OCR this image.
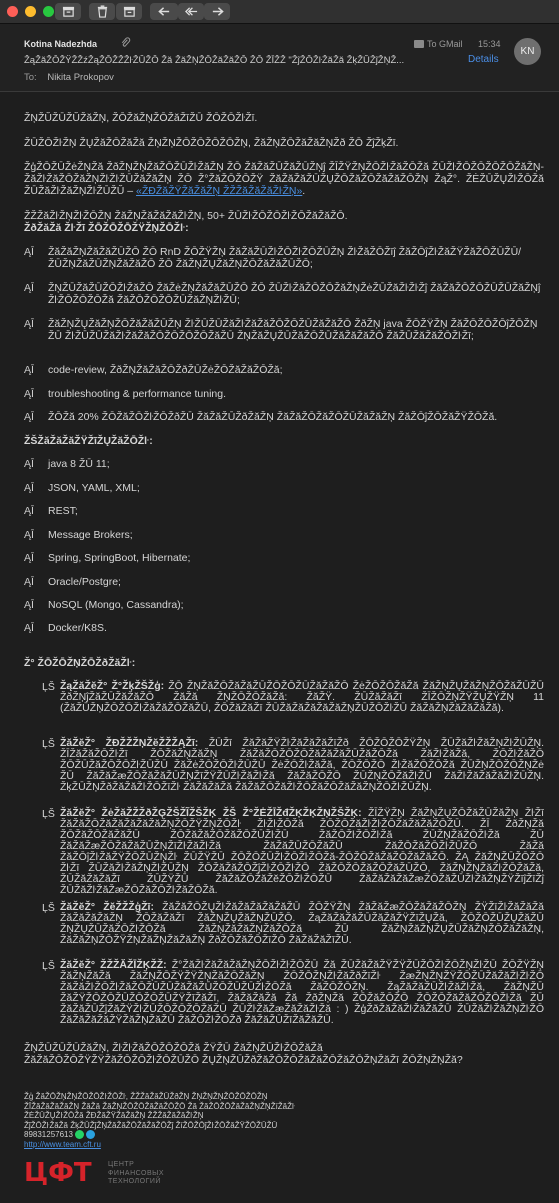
Kotina Nadezhda
ŽąŽăŽŌŽŸŽŽźŽąŽŌŽŽŽŀŽŬŽŌ Žă ŽăŽŅŽŌŽăŽăŽŌ ŽŌ ŽĪŽŽ "ŽĵŽŌŽŀŽăŽă ŽķŽŬŽĵŽŅŽ...
To: Nikita Prokopov
To GMail 15:34
Details
KN

ŽŅŽŬŽŪŽŬŽăŽŅ, ŽŌŽăŽŅŽŌŽăŽīŽŪ ŽŌŽŌŽŀŽī.

ŽŪŽŌŽŀŽŅ ŽŲŽăŽŌŽăŽă ŽŅŽŅŽŌŽŌŽŌŽŌŽŅ, ŽăŽŅŽŌŽăŽăŽŅŽð ŽŌ ŽĵŽķŽī.

ŽģŽŌŽŪŽėŽŅŽă ŽðŽŅŽŅŽăŽŌŽŪŽŀŽăŽŅ ŽŌ ŽăŽăŽŪŽăŽŪŽŅĵ ŽĪŽŸŽŅŽŌŽŀŽăŽŌŽă ŽŪŽŀŽŌŽŌŽŌŽŌŽăŽŅ-ŽăŽŀŽăŽŌŽăŽŅŽŀŽŀŽŪŽăŽăŽŅ ŽŌ Ž°ŽăŽŌŽŌŽŸ ŽăŽăŽăŽŪŽŲŽŌŽăŽŌŽăŽăŽŌŽŅ ŽąŽ°. ŽĖŽŪŽŲŽŀŽŌŽă ŽŪŽăŽŀŽăŽŅŽŀŽŪŽŬ – «ŽÐŽăŽŸŽăŽăŽŅ ŽŽŽăŽăŽăŽŀŽŅ».

ŽŽŽăŽŀŽŅŽŀŽŌŽŅ ŽăŽŅŽăŽăŽăŽŀŽŅ, 50+ ŽŪŽŀŽŌŽŌŽŀŽŌŽăŽăŽŌ.

ŽðŽăŽă ŽŀŽī ŽŌŽŌŽŌŽŸŽŅŽŌŽŀ:

ĄĪ ŽăŽăŽŅŽăŽăŽŪŽŌ ŽŌ RnD ŽŌŽŸŽŅ ŽăŽăŽŪŽŀŽŌŽŀŽŌŽŪŽŅ ŽŀŽăŽŌŽīĵ ŽăŽŌĵŽŀŽăŽŸŽăŽŌŽŪŽŪ/ŽŪŽŅŽăŽŪŽŅŽăŽăŽŌ ŽŌ ŽăŽŅŽŲŽăŽŅŽŌŽăŽăŽŪŽŌ;
ĄĪ ŽŅŽŪŽăŽŪŽŌŽŀŽăŽŌ ŽăŽėŽŅŽăŽăŽŪŽŌ ŽŌ ŽŪŽŀŽăŽŌŽŌŽăŽŅŽėŽŪŽăŽŀŽŀŽĵ ŽăŽăŽŌŽŌŽŪŽŪŽăŽŅĵ ŽŀŽŌŽŌŽŌŽă ŽăŽŌŽŌŽŌŽŪŽăŽŅŽŀŽŪ;
ĄĪ ŽăŽŅŽŲŽăŽŅŽŌŽăŽăŽŪŽŅ ŽŀŽŪŽŪŽăŽŀŽăŽăŽŌŽŌŽŪŽăŽăŽŌ ŽðŽŅ java ŽŌŽŸŽŅ ŽăŽŌŽŌŽŌĵŽŌŽŅ ŽŪ ŽŀŽŪŽŪŽăŽŀŽăŽăŽŌŽŌŽŌŽŌŽăŽŪ ŽŅŽăŽŲŽŪŽăŽŌŽŪŽăŽăŽăŽŌ ŽăŽŪŽăŽăŽŌŽŀŽī;
ĄĪ code-review, ŽðŽŅŽăŽăŽŌŽðŽŪŽėŽŌŽăŽăŽŌŽă;
ĄĪ troubleshooting & performance tuning.
ĄĪ ŽŌŽă 20% ŽŌŽăŽŌŽŀŽŌŽðŽŪ ŽăŽăŽŪŽðŽăŽŅ ŽăŽăŽŌŽăŽŌŽŪŽăŽăŽŅ ŽăŽŌĵŽŌŽăŽŸŽŌŽă.

ŽŠŽăŽăŽăŽŸŽīŽŲŽăŽŌŽŀ:

ĄĪ java 8 ŽŪ 11;
ĄĪ JSON, YAML, XML;
ĄĪ REST;
ĄĪ Message Brokers;
ĄĪ Spring, SpringBoot, Hibernate;
ĄĪ Oracle/Postgre;
ĄĪ NoSQL (Mongo, Cassandra);
ĄĪ Docker/K8S.

Ž° ŽŌŽŌŽŅŽŌŽðŽăŽŀ:

ĻŠ ŽąŽăŽĕŽ° Ž°ŽķŽŠŽģ: ŽŌ ŽŅŽăŽŌŽăŽăŽŪŽŌŽŌŽŪŽăŽăŽŌ ŽėŽŌŽŌŽăŽă ŽăŽŅŽŲŽăŽŅŽŌŽăŽŪŽŪ ŽðŽŅĵŽăŽŪŽăŽăŽŌ ŽăŽă ŽŅŽŌŽŌŽăŽă: ŽăŽŸ. ŽŪŽăŽăŽī ŽĪŽŌŽŅŽŸŽŲŽŸŽŅ 11 (ŽăŽŪŽŅŽŌŽŌŽŀŽăŽăŽŌŽăŽŪ, ŽŌŽăŽăŽī ŽŪŽăŽăŽăŽăŽăŽŅŽŪŽŌŽŀŽŪ ŽăŽăŽŅŽăŽăŽăŽă).
ĻŠ ŽăŽĕŽ° ŽÐŽŽŽŅŽĕŽŽŽĄŽī: ŽŪŽī ŽăŽăŽŸŽŀŽăŽăŽăŽīŽð ŽŌŽŌŽŌŽŸŽŅ ŽŪŽăŽŀŽăŽŅŽŀŽŪŽŅ. ŽĪŽăŽăŽŌŽŀŽī ŽŌŽăŽŅŽăŽŅ ŽăŽăŽŌŽŌŽŌŽăŽăŽăŽŪŽăŽŌŽă ŽăŽŀŽăŽă, ŽŌŽŀŽăŽŌ ŽŌŽŪŽăŽŌŽŌŽŀŽŪŽŪ ŽăŽėŽŌŽŌŽŀŽŪŽŪ ŽėŽŌŽŀŽăŽă, ŽŌŽŌŽŌ ŽŀŽăŽŌŽŌŽă ŽŪŽŅŽŌŽŌŽŅŽė ŽŪ ŽăŽăŽæŽŌŽăŽăŽŪŽŅŽīŽŸŽŪŽŀŽăŽŀŽă ŽăŽăŽŌŽŌ ŽŪŽŅŽŌŽăŽŀŽŪ ŽăŽŀŽăŽăŽăŽŀŽŪŽŅ. ŽķŽŪŽŅŽðŽăŽăŽŀŽŌŽīŽŀ ŽăŽăŽăŽă ŽăŽăŽŌŽăŽŀŽŌŽăŽŌŽăŽăŽŅŽŌŽŀŽŪŽŅ.
ĻŠ ŽăŽĕŽ° ŽėŽăŽŽŽðŽĢŽŠŽĨŽŠŽĶ ŽŠ Ž°ŽĖŽĪŽđŽĶŽĶŽŅŽŠŽĶ: ŽĪŽŸŽŅ ŽăŽŅŽŲŽŌŽăŽŪŽăŽŅ ŽŀŽī ŽăŽăŽŌŽăŽăŽăŽăŽăŽŅŽŌŽŸŽŅŽŌŽŀ ŽŀŽŀŽŌŽă ŽŌŽŌŽăŽŀŽŀŽŌŽăŽăŽăŽŌŽŪ. ŽĪ ŽðŽŅŽă ŽŌŽăŽŌŽăŽăŽŪ ŽŌŽăŽăŽŌŽăŽŌŽŪŽŀŽŪ ŽăŽŌŽŀŽŌŽŀŽă ŽŪŽŅŽăŽŌŽŀŽă ŽŪ ŽăŽăŽæŽŌŽăŽăŽŪŽŅŽīŽŀŽăŽŀŽă ŽăŽăŽŪŽŌŽăŽŪ ŽăŽŌŽăŽŌŽŀŽŪŽŌ ŽăŽă ŽăŽŌĵŽŀŽăŽŸŽŌŽŪŽŅŽŀ ŽŪŽŸŽŪ ŽŌŽŌŽŪŽŀŽŌŽŀŽŌŽă-ŽŌŽŌŽăŽăŽŌŽăŽăŽŌ. ŽĄ ŽăŽŅŽŪŽŌŽŌ ŽŀŽī ŽŪŽăŽŀŽăŽŅŽŀŽŪŽŅ ŽŌŽăŽăŽŌŽĵŽŀŽŌŽŀŽŌ ŽăŽŌŽŌŽăŽŌŽăŽŪŽŌ, ŽăŽŅŽŅŽăŽŀŽŌŽăŽă, ŽŪŽăŽăŽăŽī ŽŪŽŸŽŪ ŽăŽăŽŌŽăŽĕŽŌŽŀŽŌŽŪ ŽăŽăŽăŽăŽæŽŌŽăŽŪŽŀŽăŽŅŽŸŽīĵŽīŽĵ ŽŪŽăŽŀŽăŽæŽŌŽăŽŌŽŀŽăŽŌŽă.
ĻŠ ŽăŽĕŽ° ŽĕŽŽŽģŽī: ŽăŽăŽŌŽŲŽŀŽăŽăŽăŽăŽăŽŪ ŽŌŽŸŽŅ ŽăŽăŽæŽŌŽăŽăŽŌŽŅ ŽŸŽīŽŀŽăŽăŽă ŽăŽăŽăŽăŽŅ ŽŌŽăŽăŽī ŽăŽŅŽŲŽăŽŅŽŪŽŌ. ŽąŽăŽăŽăŽŪŽăŽăŽŸŽīŽŲŽă, ŽŌŽŌŽŪŽŲŽăŽŪ ŽŅŽŲŽŪŽăŽŌŽŀŽŌŽă ŽăŽŅŽăŽăŽŅŽăŽŌŽă ŽŪ ŽăŽŅŽăŽŅŽŲŽŪŽăŽŅŽŌŽăŽăŽŅ, ŽăŽăŽŅŽŌŽŸŽŅŽăŽŅŽăŽăŽŅ ŽðŽŌŽăŽŌŽīŽŌ ŽăŽăŽăŽīŽŪ.
ĻŠ ŽăŽĕŽ° ŽŽŽĂŽĪŽĶŽŽ: Ž°ŽăŽŀŽăŽăŽăŽŅŽŌŽŀŽŀŽŌŽŪ Žă ŽŪŽăŽăŽŸŽŸŽŪŽŌŽŀŽŌŽŅŽŀŽŪ ŽŌŽŸŽŅ ŽăŽŅŽăŽă ŽăŽŅŽŌŽŸŽŸŽŅŽăŽŌŽăŽŅ ŽŌŽŌŽŅŽŀŽăŽðŽīŽŀ ŽæŽŅŽŅŽŸŽŌŽŪŽăŽăŽŀŽŀŽŌ ŽăŽăŽŀŽŌŽŀŽăŽŌŽŪŽŪŽăŽăŽŪŽŌŽŪŽŪŽŀŽŌŽă ŽăŽŌŽŌŽŅ. ŽąŽăŽăŽŪŽŀŽăŽŀŽă, ŽăŽŅŽŪ ŽăŽŸŽŌŽŌŽŪŽŌŽŌŽŪŽŸŽīŽăŽī, ŽăŽăŽăŽă Žă ŽðŽŅŽă ŽŌŽăŽŌŽŌ ŽŌŽŌŽăŽăŽŌŽŌŽŀŽă ŽŪ ŽăŽăŽŪŽĵŽăŽŸŽŀŽŪŽŌŽŌŽŌŽăŽŪ ŽŪŽŀŽăŽæŽăŽăŽŀŽă : ) ŽģŽðŽăŽăŽŀŽăŽăŽŪ ŽŪŽăŽŀŽăŽŅŽŀŽŌ ŽăŽăŽăŽăŽŸŽăŽŅŽăŽŪ ŽăŽŌŽŀŽŌŽð ŽăŽăŽŪŽīŽăŽăŽŪ.

ŽŅŽŪŽŪŽŪŽăŽŅ, ŽŀŽŀŽăŽŌŽŌŽŌŽă ŽŸŽŪ ŽăŽŅŽŪŽŀŽŌŽăŽă ŽăŽăŽŌŽŌŽŸŽŸŽăŽŌŽŌŽŀŽŌŽŪŽŌ ŽŲŽŅŽŪŽðŽăŽŌŽŌŽăŽăŽŌŽăŽŌŽŅŽăŽī ŽŌŽŅŽŅŽă?

Žģ ŽăŽŌŽŅŽŅŽŌŽŌŽŀŽŌŽŀ, ŽŽŽăŽăŽŪŽðŽŅ ŽŅŽŅŽŅŽŌŽŌŽŌŽŅ
ŽĪŽăŽăŽăŽăŽŅ ŽăŽă ŽăŽŅŽŌŽŌŽăŽăŽŌŽŌ Žă ŽăŽŌŽŌŽăŽăŽŅŽŅŽīŽăŽŀ
ŽĖŽŪŽŲŽŀŽŌŽă ŽÐŽăŽŸŽăŽăŽŅ ŽŽŽăŽăŽăŽŀŽŅ
ŽĵŽŌŽŀŽăŽă ŽķŽŬŽĵŽŅŽăŽăŽŌŽăŽăŽŌŽĵ ŽīŽŌŽŌĵŽŀŽŌŽăŽŸŽŌŽŪŽŪ
89831257613
http://www.team.cft.ru
ЦФТ ЦЕНТР
ФИНАНСОВЫХ
ТЕХНОЛОГИЙ
